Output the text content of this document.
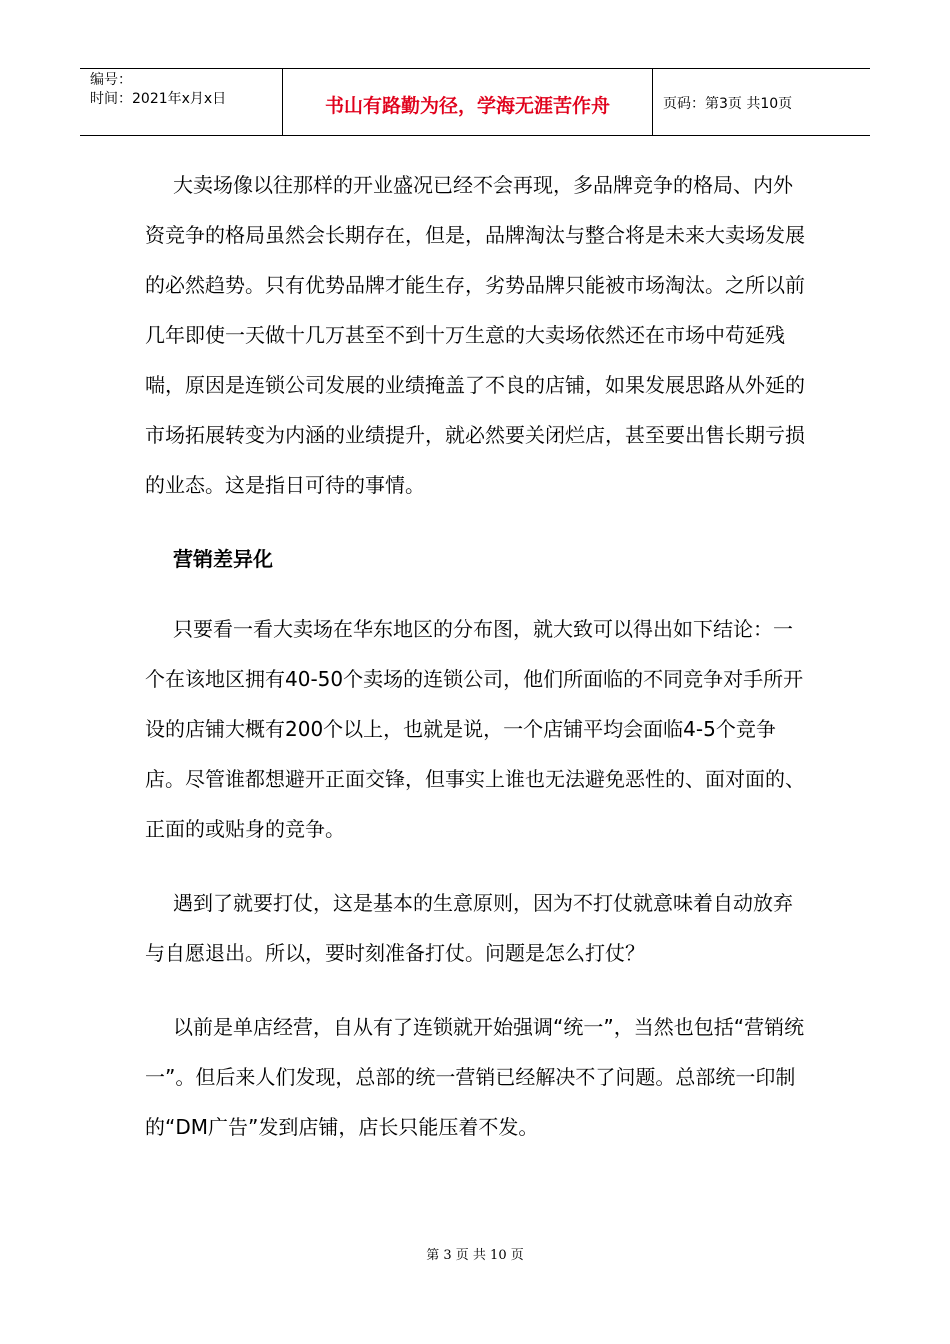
编号：
时间：2021年x月x日	书山有路勤为径，学海无涯苦作舟	页码：第3页 共10页

大卖场像以往那样的开业盛况已经不会再现，多品牌竞争的格局、内外资竞争的格局虽然会长期存在，但是，品牌淘汰与整合将是未来大卖场发展的必然趋势。只有优势品牌才能生存，劣势品牌只能被市场淘汰。之所以前几年即使一天做十几万甚至不到十万生意的大卖场依然还在市场中苟延残喘，原因是连锁公司发展的业绩掩盖了不良的店铺，如果发展思路从外延的市场拓展转变为内涵的业绩提升，就必然要关闭烂店，甚至要出售长期亏损的业态。这是指日可待的事情。

营销差异化

只要看一看大卖场在华东地区的分布图，就大致可以得出如下结论：一个在该地区拥有40-50个卖场的连锁公司，他们所面临的不同竞争对手所开设的店铺大概有200个以上，也就是说，一个店铺平均会面临4-5个竞争店。尽管谁都想避开正面交锋，但事实上谁也无法避免恶性的、面对面的、正面的或贴身的竞争。

遇到了就要打仗，这是基本的生意原则，因为不打仗就意味着自动放弃与自愿退出。所以，要时刻准备打仗。问题是怎么打仗？

以前是单店经营，自从有了连锁就开始强调“统一”，当然也包括“营销统一”。但后来人们发现，总部的统一营销已经解决不了问题。总部统一印制的“DM广告”发到店铺，店长只能压着不发。

第 3 页 共 10 页
